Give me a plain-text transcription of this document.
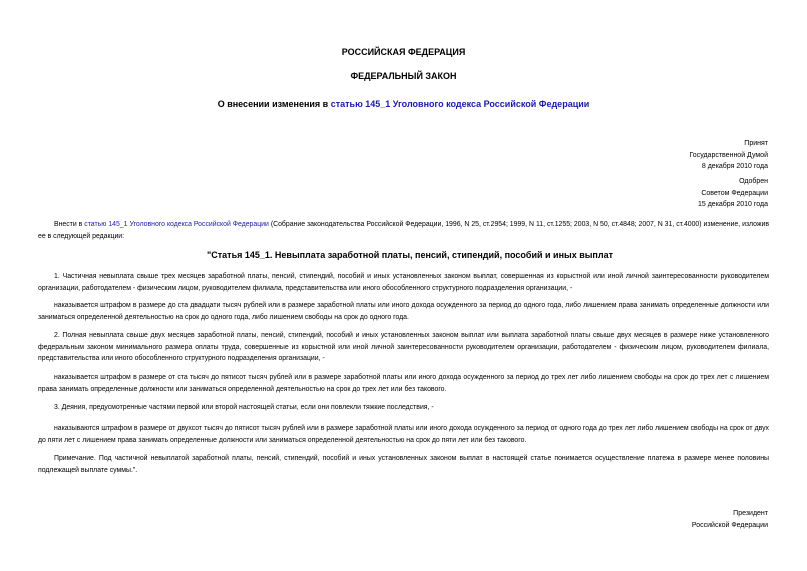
РОССИЙСКАЯ ФЕДЕРАЦИЯ
ФЕДЕРАЛЬНЫЙ ЗАКОН
О внесении изменения в статью 145_1 Уголовного кодекса Российской Федерации
Принят
Государственной Думой
8 декабря 2010 года
Одобрен
Советом Федерации
15 декабря 2010 года
Внести в статью 145_1 Уголовного кодекса Российской Федерации (Собрание законодательства Российской Федерации, 1996, N 25, ст.2954; 1999, N 11, ст.1255; 2003, N 50, ст.4848; 2007, N 31, ст.4000) изменение, изложив ее в следующей редакции:
"Статья 145_1. Невыплата заработной платы, пенсий, стипендий, пособий и иных выплат
1. Частичная невыплата свыше трех месяцев заработной платы, пенсий, стипендий, пособий и иных установленных законом выплат, совершенная из корыстной или иной личной заинтересованности руководителем организации, работодателем - физическим лицом, руководителем филиала, представительства или иного обособленного структурного подразделения организации, -
наказывается штрафом в размере до ста двадцати тысяч рублей или в размере заработной платы или иного дохода осужденного за период до одного года, либо лишением права занимать определенные должности или заниматься определенной деятельностью на срок до одного года, либо лишением свободы на срок до одного года.
2. Полная невыплата свыше двух месяцев заработной платы, пенсий, стипендий, пособий и иных установленных законом выплат или выплата заработной платы свыше двух месяцев в размере ниже установленного федеральным законом минимального размера оплаты труда, совершенные из корыстной или иной личной заинтересованности руководителем организации, работодателем - физическим лицом, руководителем филиала, представительства или иного обособленного структурного подразделения организации, -
наказывается штрафом в размере от ста тысяч до пятисот тысяч рублей или в размере заработной платы или иного дохода осужденного за период до трех лет либо лишением свободы на срок до трех лет с лишением права занимать определенные должности или заниматься определенной деятельностью на срок до трех лет или без такового.
3. Деяния, предусмотренные частями первой или второй настоящей статьи, если они повлекли тяжкие последствия, -
наказываются штрафом в размере от двухсот тысяч до пятисот тысяч рублей или в размере заработной платы или иного дохода осужденного за период от одного года до трех лет либо лишением свободы на срок от двух до пяти лет с лишением права занимать определенные должности или заниматься определенной деятельностью на срок до пяти лет или без такового.
Примечание. Под частичной невыплатой заработной платы, пенсий, стипендий, пособий и иных установленных законом выплат в настоящей статье понимается осуществление платежа в размере менее половины подлежащей выплате суммы.".
Президент
Российской Федерации
